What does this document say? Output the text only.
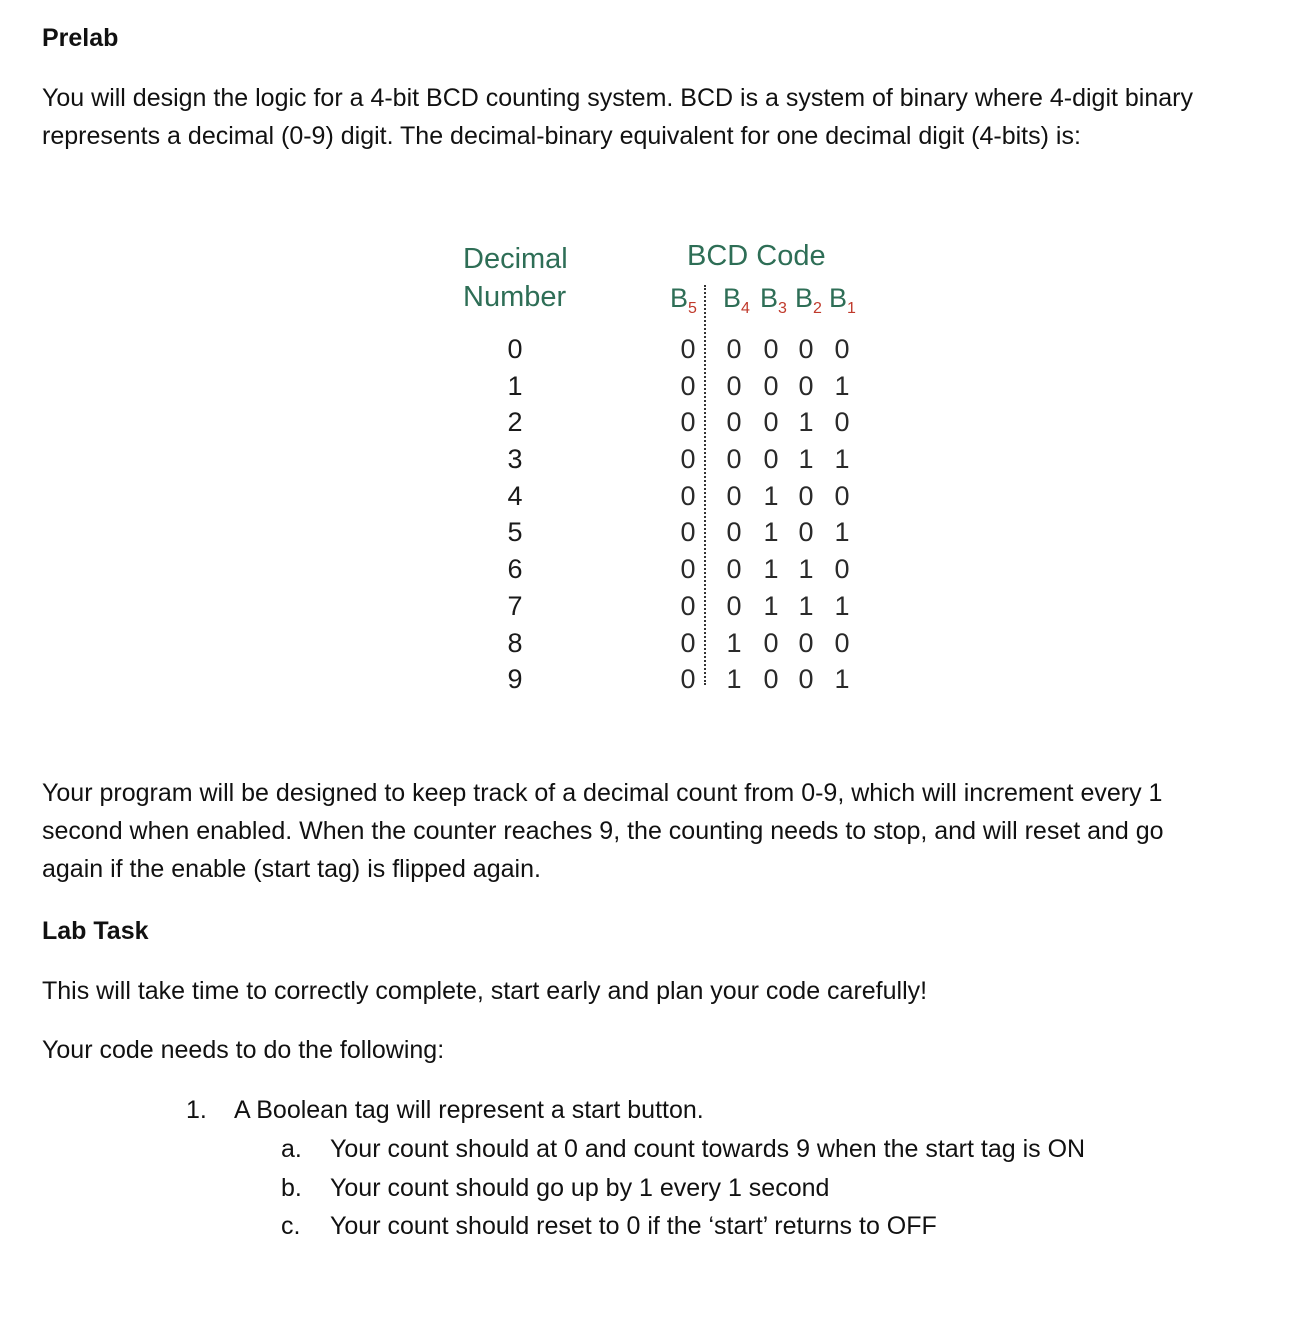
Prelab

You will design the logic for a 4-bit BCD counting system. BCD is a system of binary where 4-digit binary

represents a decimal (0-9) digit. The decimal-binary equivalent for one decimal digit (4-bits) is:

Decimal
Number
BCD Code
$B_5$ $B_4$ $B_3$ $B_2$ $B_1$
0
1
2
3
4
5
6
7
8
9
0
0
0
0
0
0
0
0
0
0
0
0
0
0
0
0
0
0
1
1
0
0
0
0
1
1
1
1
0
0
0
0
1
1
0
0
1
1
0
0
0
1
0
1
0
1
0
1
0
1

Your program will be designed to keep track of a decimal count from 0-9, which will increment every 1

second when enabled. When the counter reaches 9, the counting needs to stop, and will reset and go

again if the enable (start tag) is flipped again.

Lab Task

This will take time to correctly complete, start early and plan your code carefully!

Your code needs to do the following:

1. A Boolean tag will represent a start button.
a. Your count should at 0 and count towards 9 when the start tag is ON
b. Your count should go up by 1 every 1 second
c. Your count should reset to 0 if the ‘start’ returns to OFF
